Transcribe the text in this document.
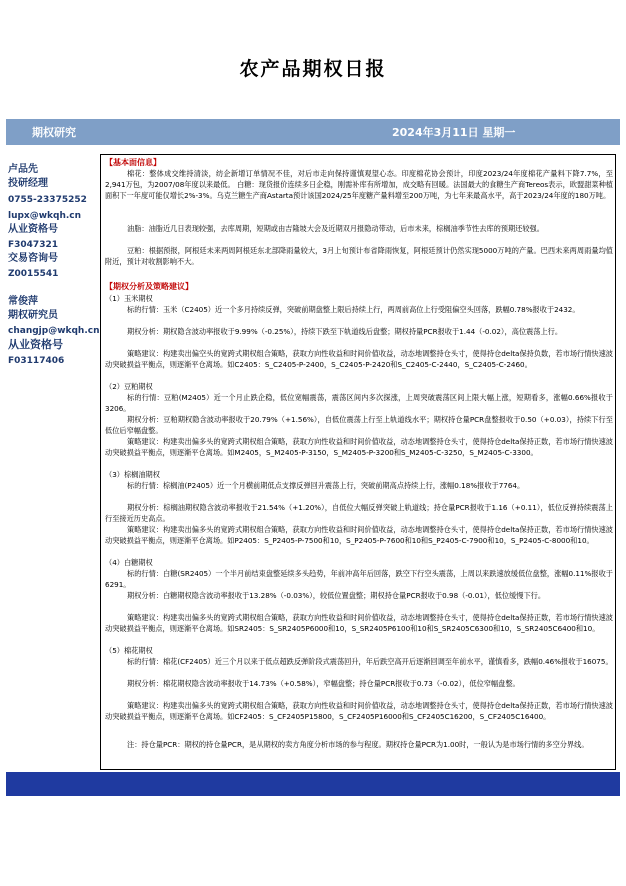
农产品期权日报
期权研究	2024年3月11日 星期一
卢品先
投研经理
0755-23375252
lupx@wkqh.cn
从业资格号
F3047321
交易咨询号
Z0015541
常俊萍
期权研究员
changjp@wkqh.cn
从业资格号
F03117406
【基本面信息】
棉花：整体成交维持清淡，纺企新增订单情况不佳，对后市走向保持谨慎观望心态。印度棉花协会预计，印度2023/24年度棉花产量料下降7.7%，至2,941万包，为2007/08年度以来最低。 白糖：现货报价连续多日企稳，刚需补库有所增加，成交略有回暖。法国最大的食糖生产商Tereos表示，欧盟甜菜种植面积下一年度可能仅增长2%-3%。乌克兰糖生产商Astarta预计该国2024/25年度糖产量料增至200万吨，为七年来最高水平，高于2023/24年度的180万吨。
油脂：油脂近几日表现较强，去库周期，短期或由吉隆坡大会及近期双月报隐动带动，后市未来，棕榈油季节性去库的预期还较强。
豆粕：根据预报，阿根廷未来两周阿根廷东北部降雨量较大，3月上旬预计布省降雨恢复，阿根廷预计仍然实现5000万吨的产量。巴西未来两周雨量均值附近，预计对收割影响不大。
【期权分析及策略建议】
（1）玉米期权
标的行情：玉米（C2405）近一个多月持续反弹，突破前期盘整上限后持续上行，两周前高位上行受阻偏空头回落，跌幅0.78%报收于2432。
期权分析：期权隐含波动率报收于9.99%（-0.25%），持续下跌至下轨道线后盘整；期权持量PCR报收于1.44（-0.02），高位震荡上行。
策略建议：构建卖出偏空头的宽跨式期权组合策略，获取方向性收益和时间价值收益，动态地调整持仓头寸，使得持仓delta保持负数，若市场行情快速波动突破损益平衡点，则逐渐平仓离场。如C2405：S_C2405-P-2400，S_C2405-P-2420和S_C2405-C-2440，S_C2405-C-2460。
（2）豆粕期权
标的行情：豆粕(M2405）近一个月止跌企稳，低位宽幅震荡，震荡区间内多次探涨，上周突破震荡区间上限大幅上涨，短期看多，涨幅0.66%报收于3206。
期权分析：豆粕期权隐含波动率报收于20.79%（+1.56%），自低位震荡上行至上轨道线水平；期权持仓量PCR盘整报收于0.50（+0.03），持续下行至低位后窄幅盘整。
策略建议：构建卖出偏多头的宽跨式期权组合策略，获取方向性收益和时间价值收益，动态地调整持仓头寸，使得持仓delta保持正数，若市场行情快速波动突破损益平衡点，则逐渐平仓离场。如M2405，S_M2405-P-3150，S_M2405-P-3200和S_M2405-C-3250，S_M2405-C-3300。
（3）棕榈油期权
标的行情：棕榈油(P2405）近一个月横前期低点支撑反弹回升震荡上行，突破前期高点持续上行，涨幅0.18%报收于7764。
期权分析：棕榈油期权隐含波动率报收于21.54%（+1.20%），自低位大幅反弹突破上轨道线；持仓量PCR报收于1.16（+0.11），低位反弹持续震荡上行至接近历史高点。
策略建议：构建卖出偏多头的宽跨式期权组合策略，获取方向性收益和时间价值收益，动态地调整持仓头寸，使得持仓delta保持正数，若市场行情快速波动突破损益平衡点，则逐渐平仓离场。如P2405：S_P2405-P-7500和10，S_P2405-P-7600和10和S_P2405-C-7900和10，S_P2405-C-8000和10。
（4）白糖期权
标的行情：白糖(SR2405）一个半月前结束盘整延续多头趋势，年前冲高年后回落，跌空下行空头震荡，上周以来跌速放缓低位盘整，涨幅0.11%报收于6291。
期权分析：白糖期权隐含波动率报收于13.28%（-0.03%），较低位置盘整；期权持仓量PCR报收于0.98（-0.01），低位缓慢下行。
策略建议：构建卖出偏多头的宽跨式期权组合策略，获取方向性收益和时间价值收益，动态地调整持仓头寸，使得持仓delta保持正数，若市场行情快速波动突破损益平衡点，则逐渐平仓离场。如SR2405：S_SR2405P6000和10，S_SR2405P6100和10和S_SR2405C6300和10，S_SR2405C6400和10。
（5）棉花期权
标的行情：棉花(CF2405）近三个月以来于低点超跌反弹阶段式震荡回升，年后跌空高开后逐渐回调至年前水平，谨慎看多，跌幅0.46%报收于16075。
期权分析：棉花期权隐含波动率报收于14.73%（+0.58%），窄幅盘整；持仓量PCR报收于0.73（-0.02），低位窄幅盘整。
策略建议：构建卖出偏多头的宽跨式期权组合策略，获取方向性收益和时间价值收益，动态地调整持仓头寸，使得持仓delta保持正数，若市场行情快速波动突破损益平衡点，则逐渐平仓离场。如CF2405：S_CF2405P15800，S_CF2405P16000和S_CF2405C16200，S_CF2405C16400。
注：持仓量PCR：期权的持仓量PCR，是从期权的卖方角度分析市场的参与程度。期权持仓量PCR为1.00时，一般认为是市场行情的多空分界线。
